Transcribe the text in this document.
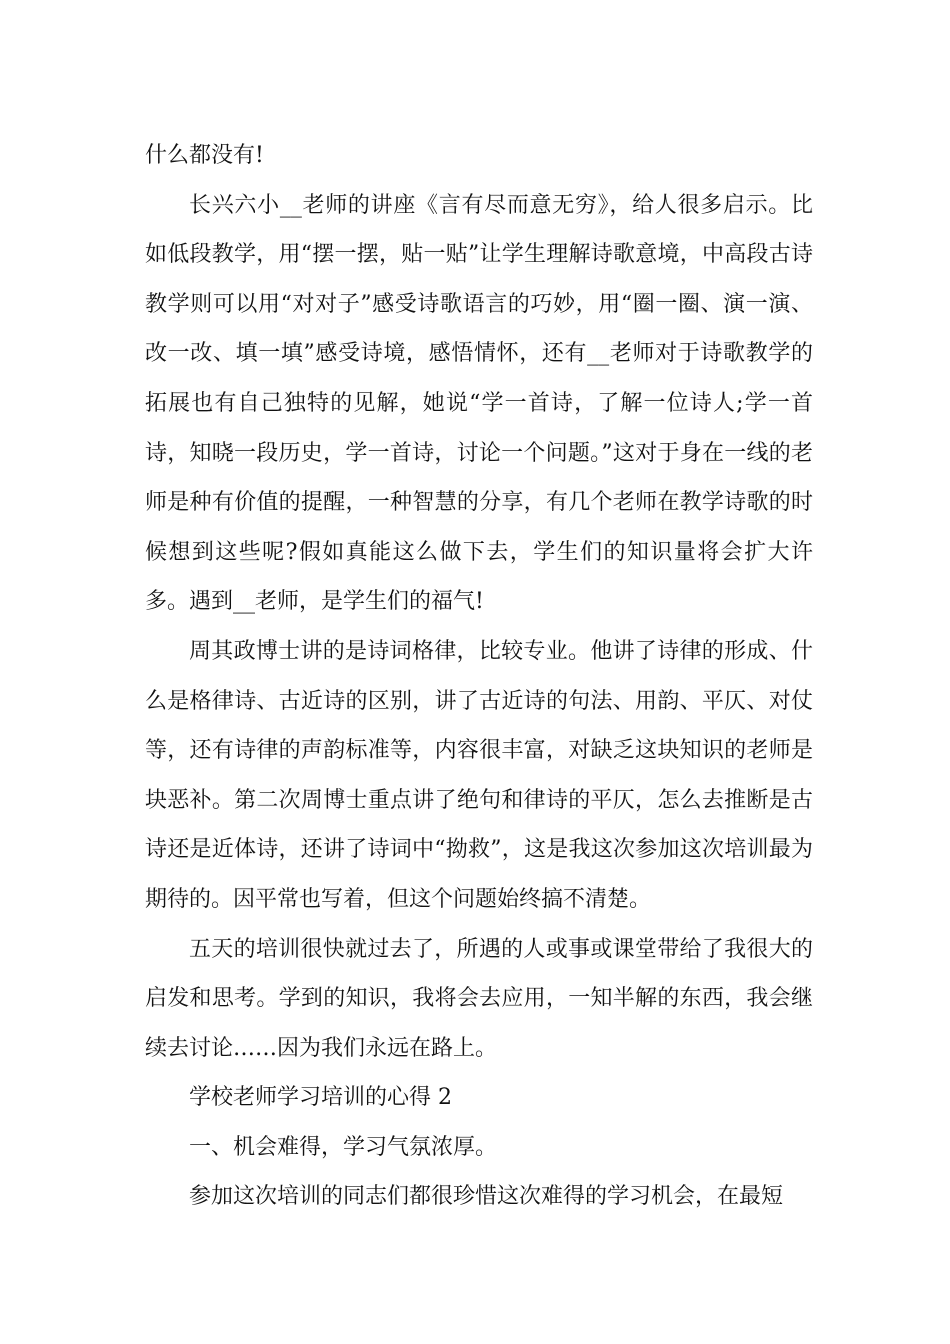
什么都没有!

长兴六小__老师的讲座《言有尽而意无穷》，给人很多启示。比如低段教学，用“摆一摆，贴一贴”让学生理解诗歌意境，中高段古诗教学则可以用“对对子”感受诗歌语言的巧妙，用“圈一圈、演一演、改一改、填一填”感受诗境，感悟情怀，还有__老师对于诗歌教学的拓展也有自己独特的见解，她说“学一首诗，了解一位诗人;学一首诗，知晓一段历史，学一首诗，讨论一个问题。”这对于身在一线的老师是种有价值的提醒，一种智慧的分享，有几个老师在教学诗歌的时候想到这些呢?假如真能这么做下去，学生们的知识量将会扩大许多。遇到__老师，是学生们的福气!

周其政博士讲的是诗词格律，比较专业。他讲了诗律的形成、什么是格律诗、古近诗的区别，讲了古近诗的句法、用韵、平仄、对仗等，还有诗律的声韵标准等，内容很丰富，对缺乏这块知识的老师是块恶补。第二次周博士重点讲了绝句和律诗的平仄，怎么去推断是古诗还是近体诗，还讲了诗词中“拗救”，这是我这次参加这次培训最为期待的。因平常也写着，但这个问题始终搞不清楚。

五天的培训很快就过去了，所遇的人或事或课堂带给了我很大的启发和思考。学到的知识，我将会去应用，一知半解的东西，我会继续去讨论……因为我们永远在路上。

学校老师学习培训的心得 2

一、机会难得，学习气氛浓厚。

参加这次培训的同志们都很珍惜这次难得的学习机会，在最短
